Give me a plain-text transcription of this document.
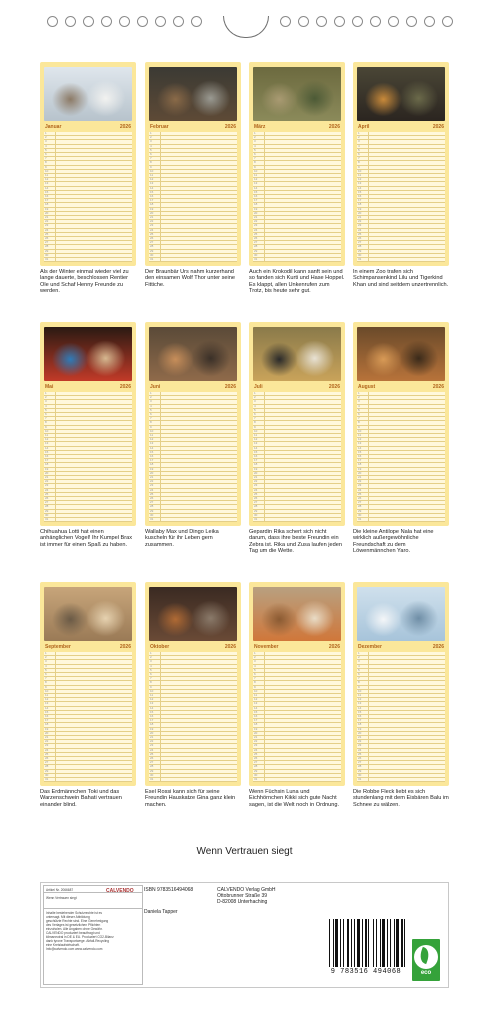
Januar	2026
1
2
3
4
5
6
7
8
9
10
11
12
13
14
15
16
17
18
19
20
21
22
23
24
25
26
27
28
29
30
31
Als der Winter einmal wieder viel zu lange dauerte, beschlossen Rentier Ole und Schaf Henny Freunde zu werden.
Februar	2026
1
2
3
4
5
6
7
8
9
10
11
12
13
14
15
16
17
18
19
20
21
22
23
24
25
26
27
28
29
30
31
Der Braunbär Urs nahm kurzerhand den einsamen Wolf Thor unter seine Fittiche.
März	2026
1
2
3
4
5
6
7
8
9
10
11
12
13
14
15
16
17
18
19
20
21
22
23
24
25
26
27
28
29
30
31
Auch ein Krokodil kann sanft sein und so fanden sich Kurti und Hase Hoppel. Es klappt, allen Unkenrufen zum Trotz, bis heute sehr gut.
April	2026
1
2
3
4
5
6
7
8
9
10
11
12
13
14
15
16
17
18
19
20
21
22
23
24
25
26
27
28
29
30
31
In einem Zoo trafen sich Schimpansenkind Lilu und Tigerkind Khan und sind seitdem unzertrennlich.
Mai	2026
1
2
3
4
5
6
7
8
9
10
11
12
13
14
15
16
17
18
19
20
21
22
23
24
25
26
27
28
29
30
31
Chihuahua Lotti hat einen anhänglichen Vogel! Ihr Kumpel Brax ist immer für einen Spaß zu haben.
Juni	2026
1
2
3
4
5
6
7
8
9
10
11
12
13
14
15
16
17
18
19
20
21
22
23
24
25
26
27
28
29
30
31
Wallaby Max und Dingo Leika kuscheln für ihr Leben gern zusammen.
Juli	2026
1
2
3
4
5
6
7
8
9
10
11
12
13
14
15
16
17
18
19
20
21
22
23
24
25
26
27
28
29
30
31
Gepardin Rika schert sich nicht darum, dass ihre beste Freundin ein Zebra ist. Rika und Zusa laufen jeden Tag um die Wette.
August	2026
1
2
3
4
5
6
7
8
9
10
11
12
13
14
15
16
17
18
19
20
21
22
23
24
25
26
27
28
29
30
31
Die kleine Antilope Nala hat eine wirklich außergewöhnliche Freundschaft zu dem Löwenmännchen Yaro.
September	2026
1
2
3
4
5
6
7
8
9
10
11
12
13
14
15
16
17
18
19
20
21
22
23
24
25
26
27
28
29
30
31
Das Erdmännchen Toki und das Warzenschwein Bahati vertrauen einander blind.
Oktober	2026
1
2
3
4
5
6
7
8
9
10
11
12
13
14
15
16
17
18
19
20
21
22
23
24
25
26
27
28
29
30
31
Esel Rossi kann sich für seine Freundin Hauskatze Gina ganz klein machen.
November	2026
1
2
3
4
5
6
7
8
9
10
11
12
13
14
15
16
17
18
19
20
21
22
23
24
25
26
27
28
29
30
31
Wenn Füchsin Luna und Eichhörnchen Kikki sich gute Nacht sagen, ist die Welt noch in Ordnung.
Dezember	2026
1
2
3
4
5
6
7
8
9
10
11
12
13
14
15
16
17
18
19
20
21
22
23
24
25
26
27
28
29
30
31
Die Robbe Fleck liebt es sich stundenlang mit dem Eisbären Balu im Schnee zu wälzen.
Wenn Vertrauen siegt
Artikel Nr. 2066687	CALVENDO
Wenn Vertrauen siegt
Inhalte bestehender Schutzrechte ist es
untersagt. Mit dieser Abbildung
geschützte Rechte sind. Eine Genehmigung
des Verlages ist gesetzlichen Pflichten
einzuholen. Alle Angaben ohne Gewähr.
CALVENDO produziert beauftragt und
klimaneutral in DE & EU. Produziert CO2-Bilanz
dank tyrone Transportwege. Abfall-Recycling
eine Kreislaufwirtschaft.
Info@calvendo.com www.calvendo.com
ISBN 9783516494068
Daniela Tapper
CALVENDO Verlag GmbH
Ottobrunner Straße 39
D-82008 Unterhaching
9 783516 494068	eco
